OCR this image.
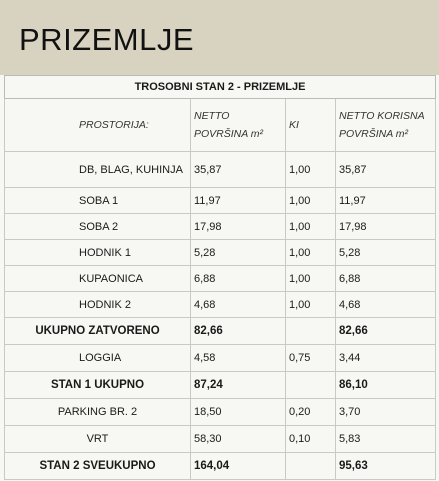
PRIZEMLJE
TROSOBNI STAN 2 - PRIZEMLJE			
PROSTORIJA:	NETTO POVRŠINA m²	KI	NETTO KORISNA POVRŠINA m²
DB, BLAG, KUHINJA	35,87	1,00	35,87
SOBA 1	11,97	1,00	11,97
SOBA 2	17,98	1,00	17,98
HODNIK 1	5,28	1,00	5,28
KUPAONICA	6,88	1,00	6,88
HODNIK 2	4,68	1,00	4,68
UKUPNO ZATVORENO	82,66		82,66
LOGGIA	4,58	0,75	3,44
STAN 1 UKUPNO	87,24		86,10
PARKING BR. 2	18,50	0,20	3,70
VRT	58,30	0,10	5,83
STAN 2 SVEUKUPNO	164,04		95,63
